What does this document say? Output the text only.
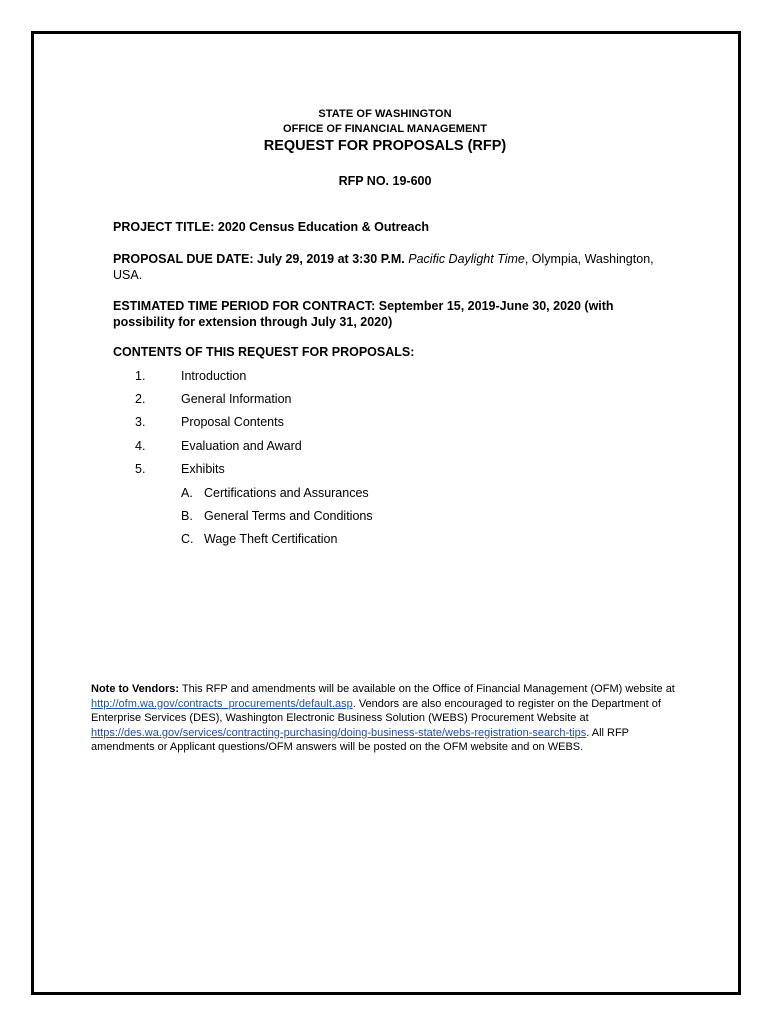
STATE OF WASHINGTON
OFFICE OF FINANCIAL MANAGEMENT
REQUEST FOR PROPOSALS (RFP)
RFP NO. 19-600
PROJECT TITLE: 2020 Census Education & Outreach
PROPOSAL DUE DATE: July 29, 2019 at 3:30 P.M. Pacific Daylight Time, Olympia, Washington, USA.
ESTIMATED TIME PERIOD FOR CONTRACT: September 15, 2019-June 30, 2020 (with possibility for extension through July 31, 2020)
CONTENTS OF THIS REQUEST FOR PROPOSALS:
1.	Introduction
2.	General Information
3.	Proposal Contents
4.	Evaluation and Award
5.	Exhibits
A. Certifications and Assurances
B. General Terms and Conditions
C. Wage Theft Certification
Note to Vendors: This RFP and amendments will be available on the Office of Financial Management (OFM) website at http://ofm.wa.gov/contracts_procurements/default.asp. Vendors are also encouraged to register on the Department of Enterprise Services (DES), Washington Electronic Business Solution (WEBS) Procurement Website at https://des.wa.gov/services/contracting-purchasing/doing-business-state/webs-registration-search-tips. All RFP amendments or Applicant questions/OFM answers will be posted on the OFM website and on WEBS.
